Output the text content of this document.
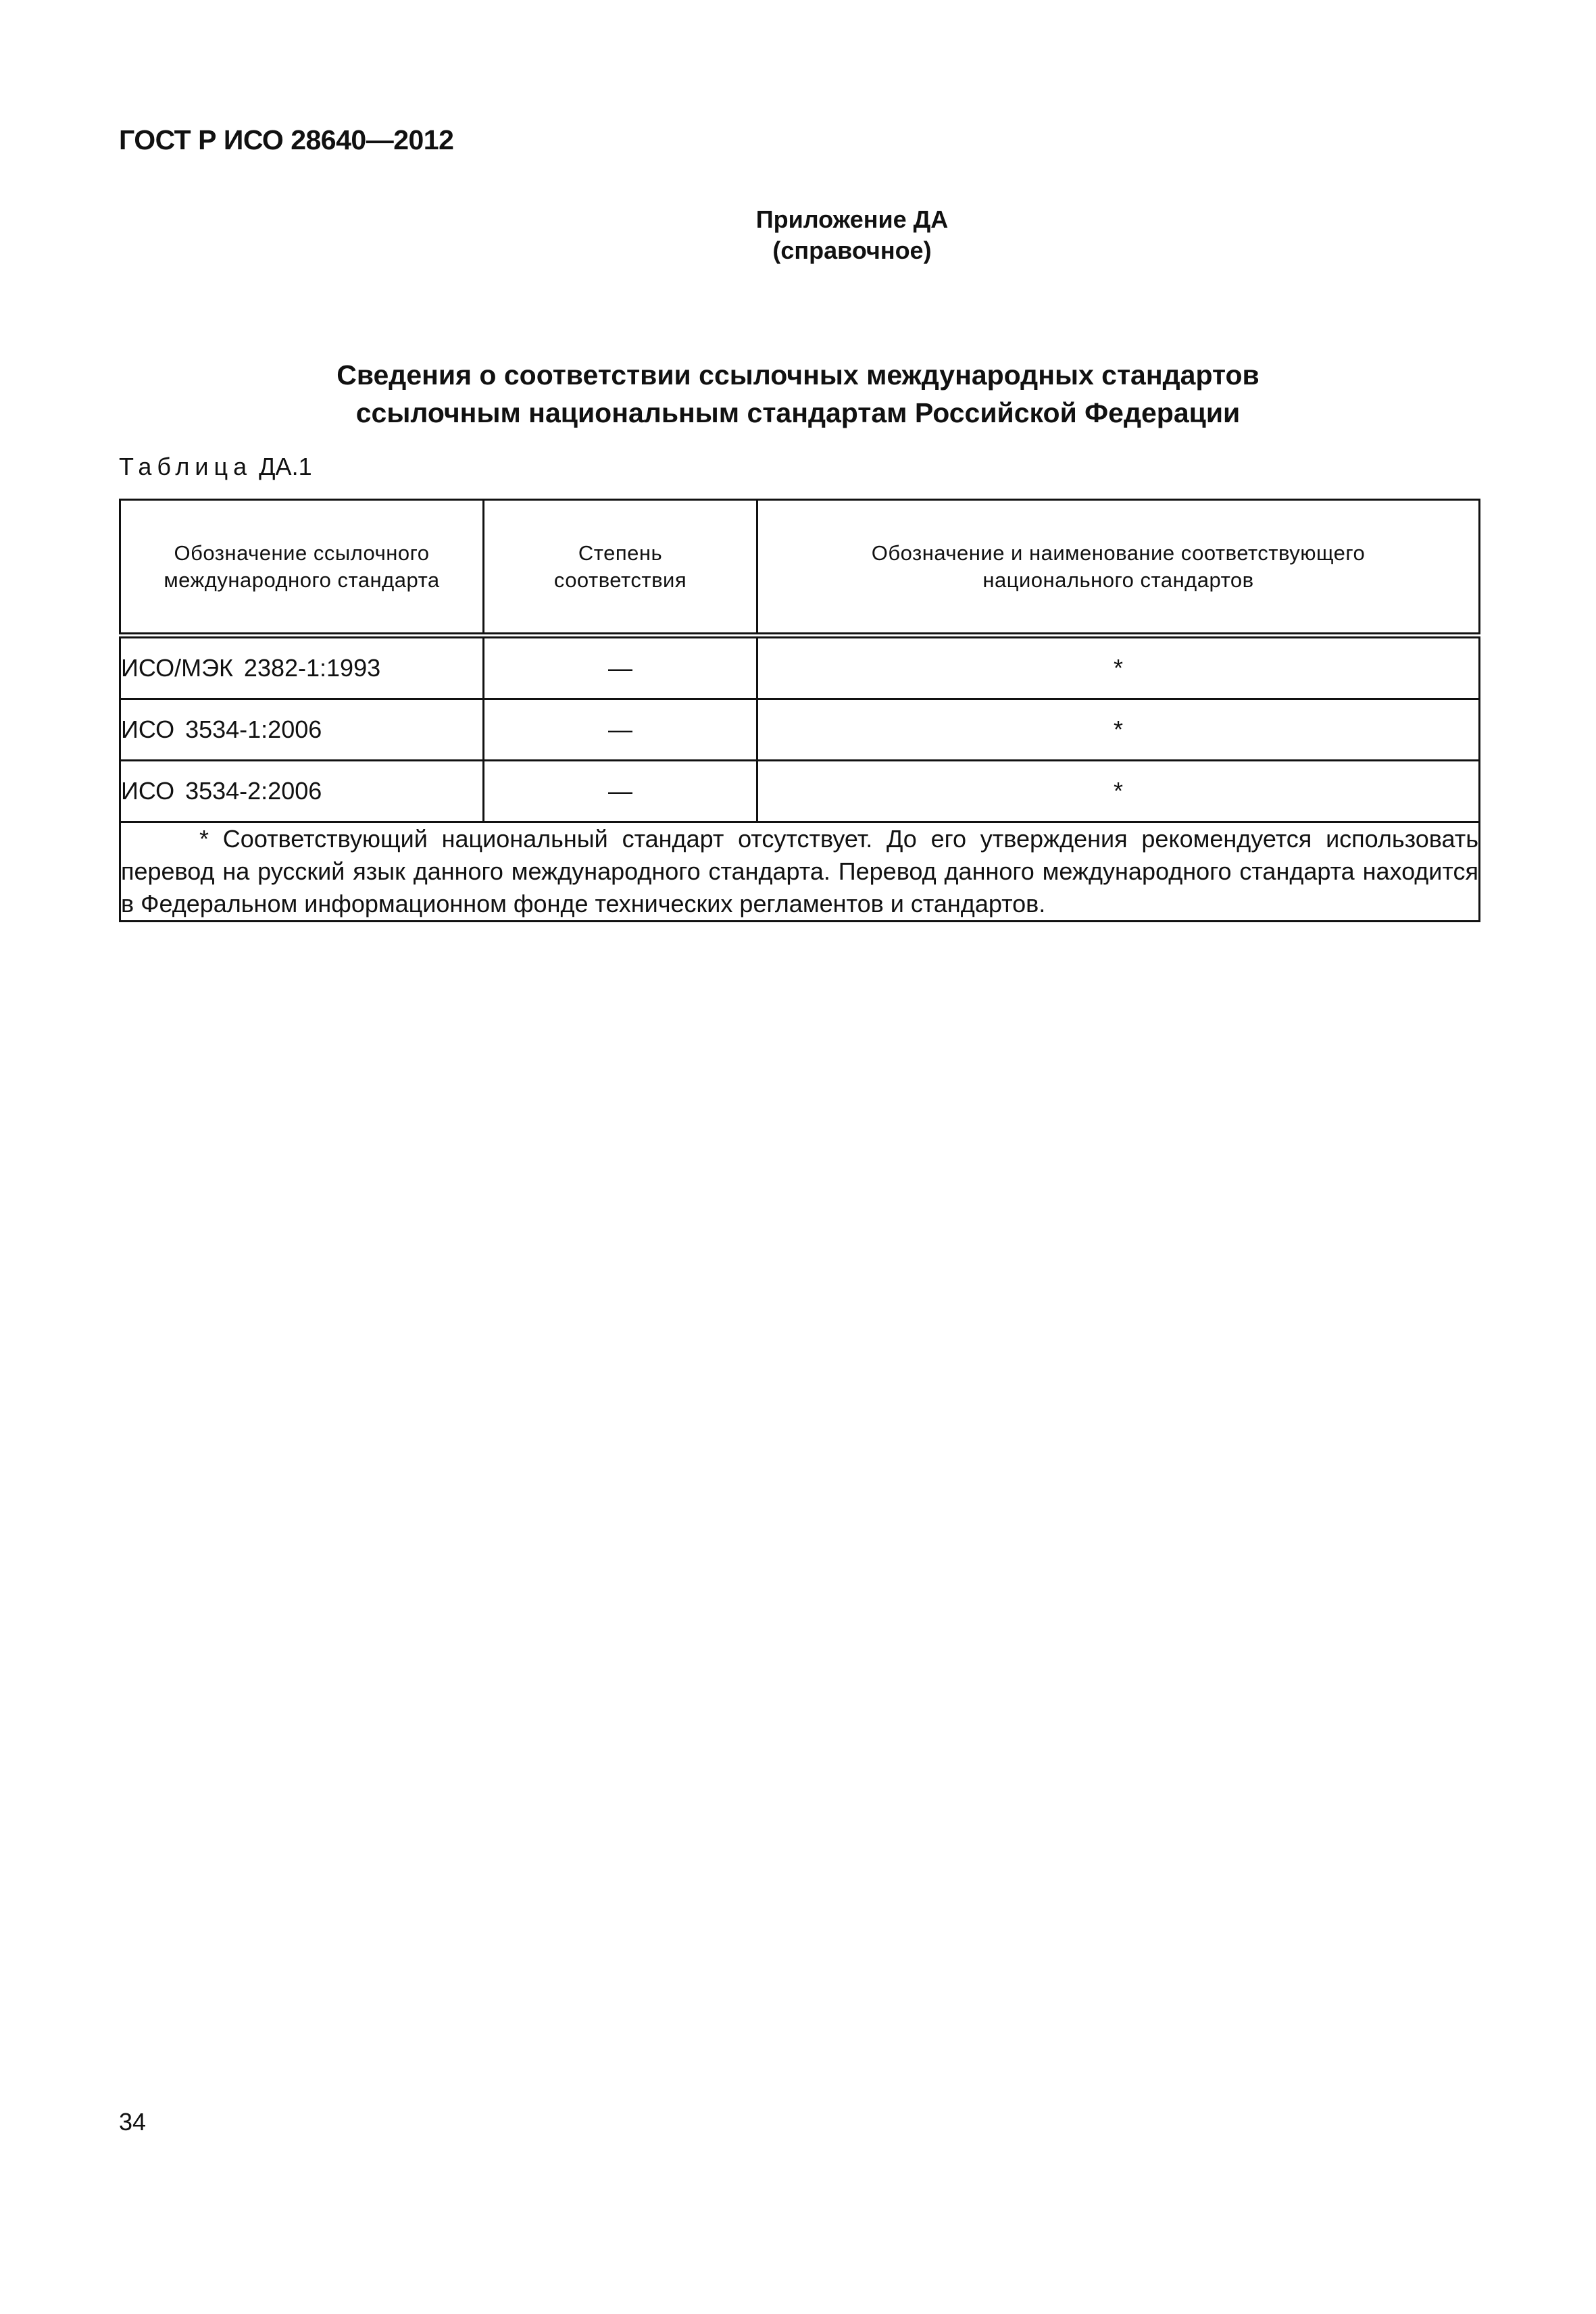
ГОСТ Р ИСО 28640—2012
Приложение ДА
(справочное)
Сведения о соответствии ссылочных международных стандартов
ссылочным национальным стандартам Российской Федерации
Таблица ДА.1
Обозначение ссылочного международного стандарта	Степень соответствия	Обозначение и наименование соответствующего национального стандартов

ИСО/МЭК 2382-1:1993	—	*
ИСО 3534-1:2006	—	*
ИСО 3534-2:2006	—	*

* Соответствующий национальный стандарт отсутствует. До его утверждения рекомендуется использовать перевод на русский язык данного международного стандарта. Перевод данного международного стандарта находится в Федеральном информационном фонде технических регламентов и стандартов.		
34
